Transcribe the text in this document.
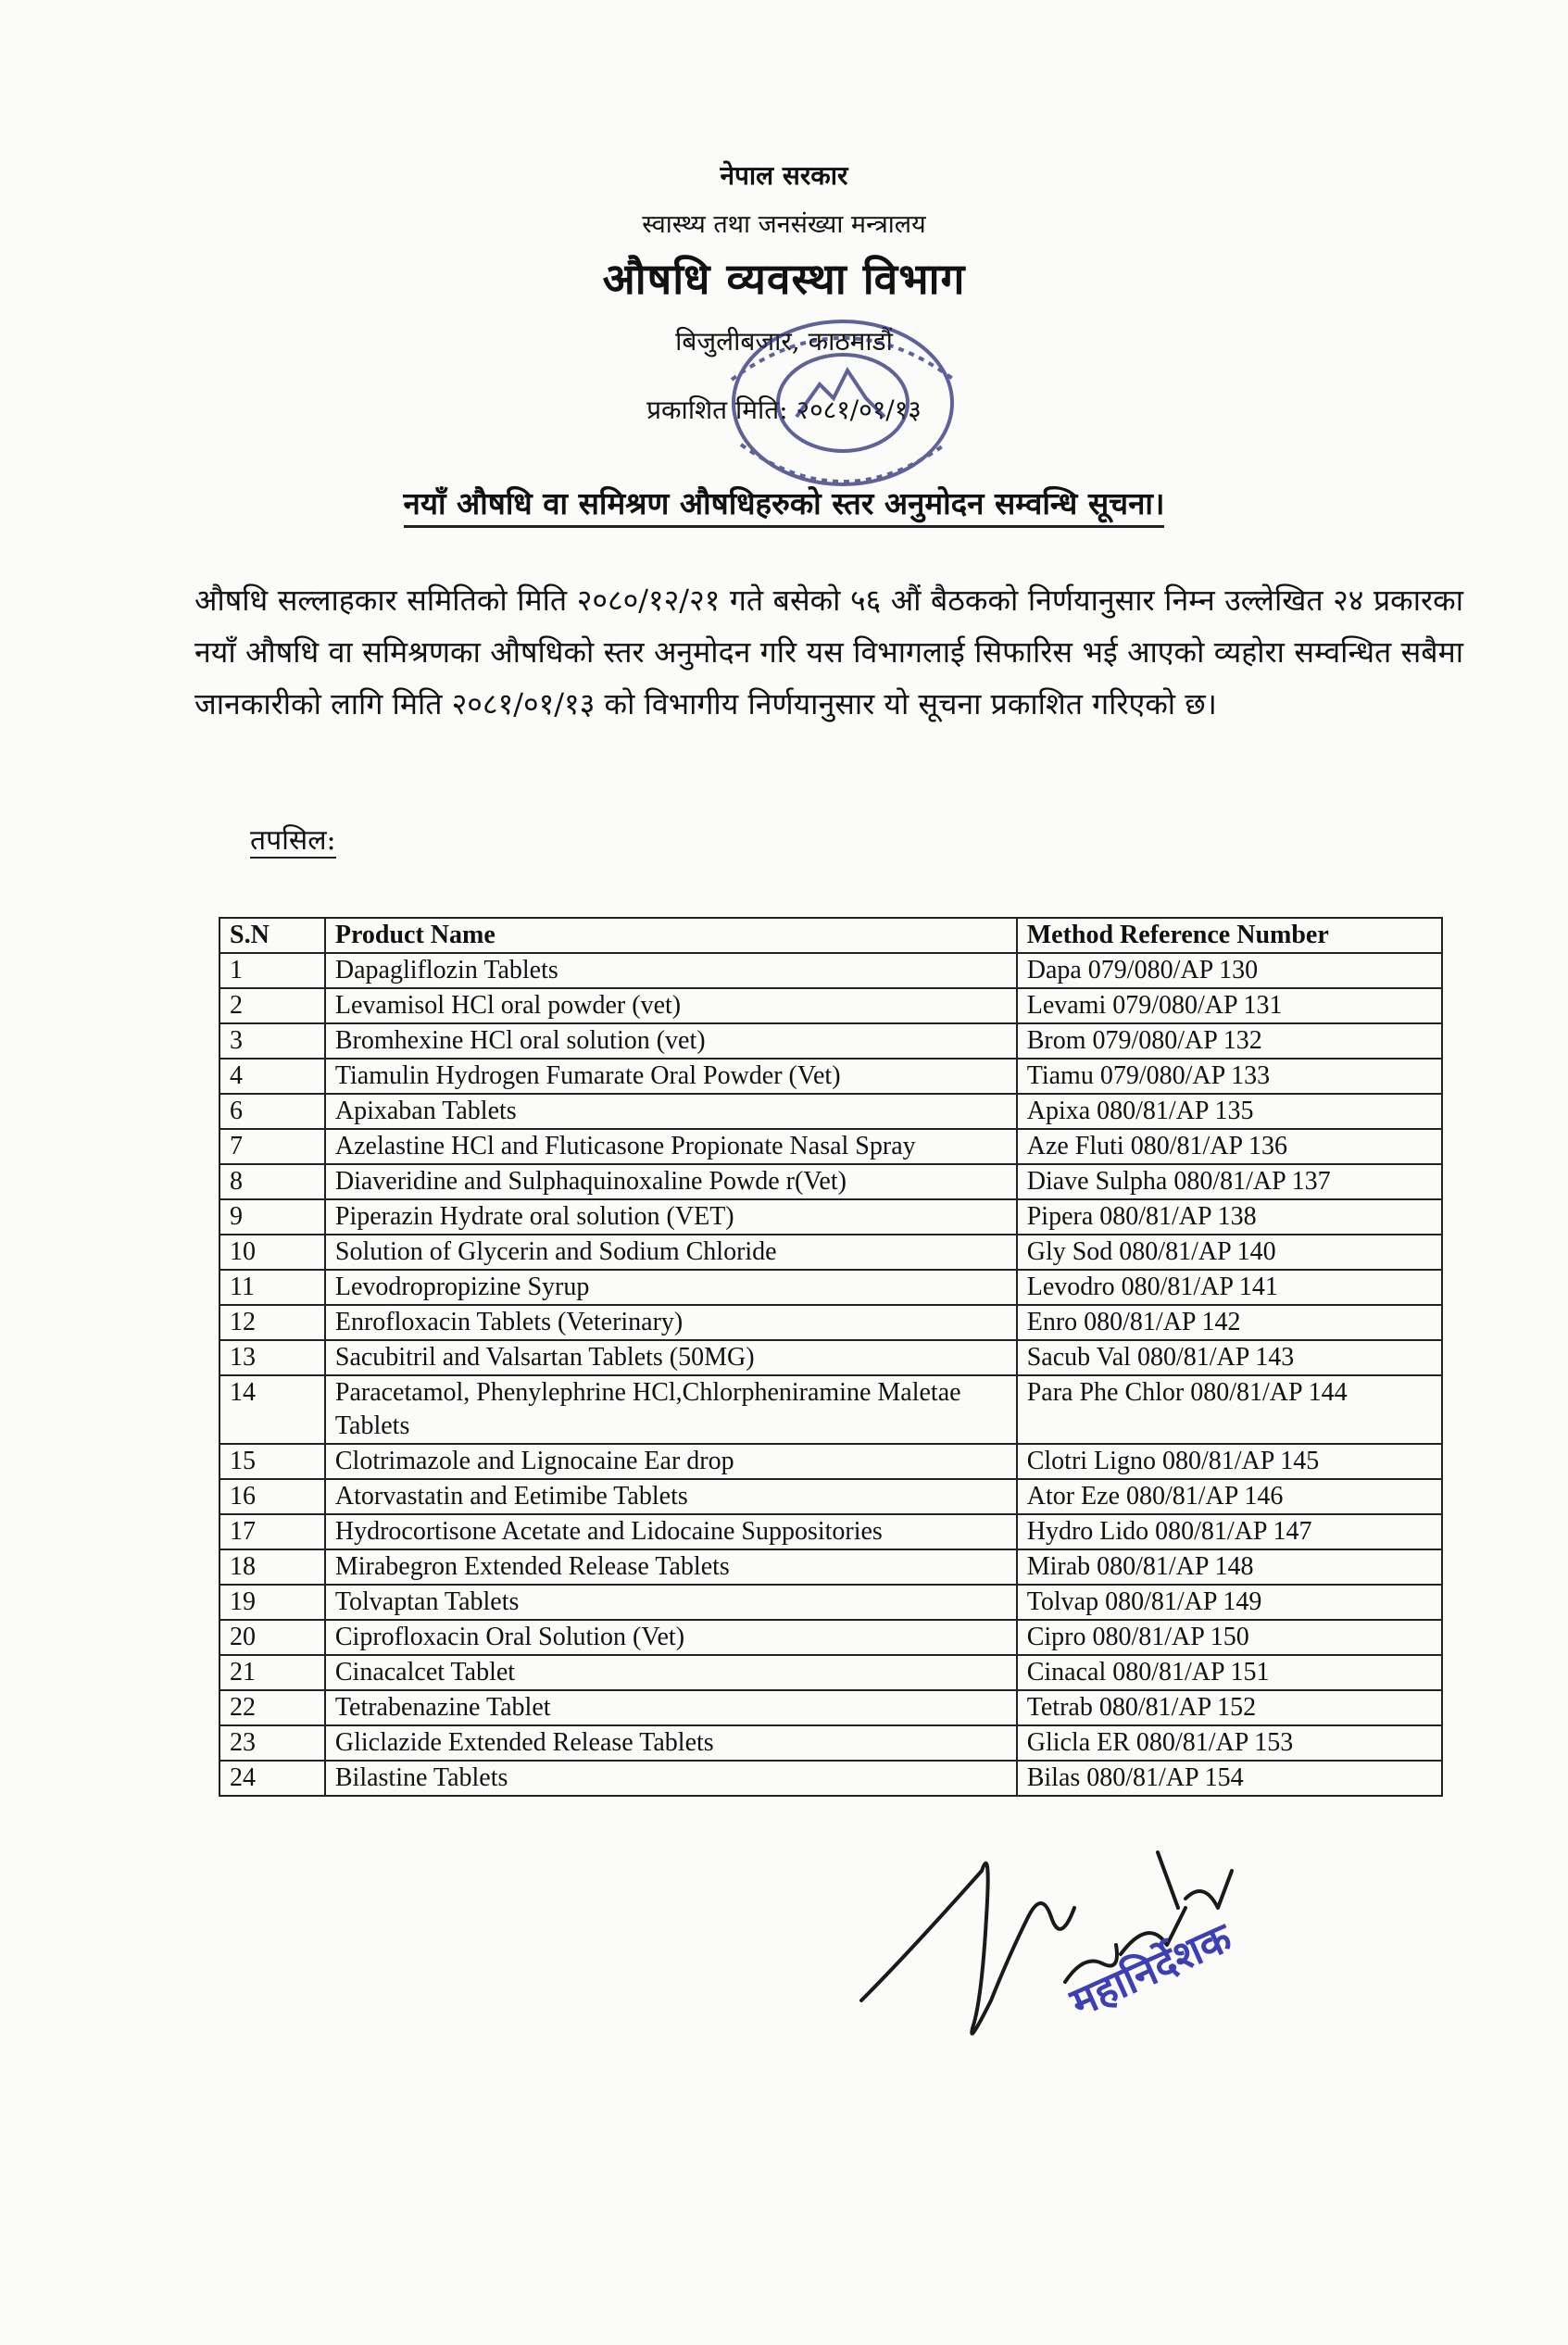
नेपाल सरकार
स्वास्थ्य तथा जनसंख्या मन्त्रालय
औषधि व्यवस्था विभाग
बिजुलीबजार, काठमाडौं
प्रकाशित मिति: २०८१/०१/१३
नयाँ औषधि वा समिश्रण औषधिहरुको स्तर अनुमोदन सम्वन्धि सूचना।
औषधि सल्लाहकार समितिको मिति २०८०/१२/२१ गते बसेको ५६ औं बैठकको निर्णयानुसार निम्न उल्लेखित २४ प्रकारका नयाँ औषधि वा समिश्रणका औषधिको स्तर अनुमोदन गरि यस विभागलाई सिफारिस भई आएको व्यहोरा सम्वन्धित सबैमा जानकारीको लागि मिति २०८१/०१/१३ को विभागीय निर्णयानुसार यो सूचना प्रकाशित गरिएको छ।
तपसिल:
S.N	Product Name	Method Reference Number
1	Dapagliflozin Tablets	Dapa 079/080/AP 130
2	Levamisol HCl oral powder (vet)	Levami 079/080/AP 131
3	Bromhexine HCl oral solution (vet)	Brom 079/080/AP 132
4	Tiamulin Hydrogen Fumarate Oral Powder (Vet)	Tiamu 079/080/AP 133
6	Apixaban Tablets	Apixa 080/81/AP 135
7	Azelastine HCl and Fluticasone Propionate Nasal Spray	Aze Fluti 080/81/AP 136
8	Diaveridine and Sulphaquinoxaline Powde r(Vet)	Diave Sulpha 080/81/AP 137
9	Piperazin Hydrate oral solution (VET)	Pipera 080/81/AP 138
10	Solution of Glycerin and Sodium Chloride	Gly Sod 080/81/AP 140
11	Levodropropizine Syrup	Levodro 080/81/AP 141
12	Enrofloxacin Tablets (Veterinary)	Enro 080/81/AP 142
13	Sacubitril and Valsartan Tablets (50MG)	Sacub Val 080/81/AP 143
14	Paracetamol, Phenylephrine HCl,Chlorpheniramine Maletae Tablets	Para Phe Chlor 080/81/AP 144
15	Clotrimazole and Lignocaine Ear drop	Clotri Ligno 080/81/AP 145
16	Atorvastatin and Eetimibe Tablets	Ator Eze 080/81/AP 146
17	Hydrocortisone Acetate and Lidocaine Suppositories	Hydro Lido 080/81/AP 147
18	Mirabegron Extended Release Tablets	Mirab 080/81/AP 148
19	Tolvaptan Tablets	Tolvap 080/81/AP 149
20	Ciprofloxacin Oral Solution (Vet)	Cipro 080/81/AP 150
21	Cinacalcet Tablet	Cinacal 080/81/AP 151
22	Tetrabenazine Tablet	Tetrab 080/81/AP 152
23	Gliclazide Extended Release Tablets	Glicla ER 080/81/AP 153
24	Bilastine Tablets	Bilas 080/81/AP 154
महानिर्देशक
